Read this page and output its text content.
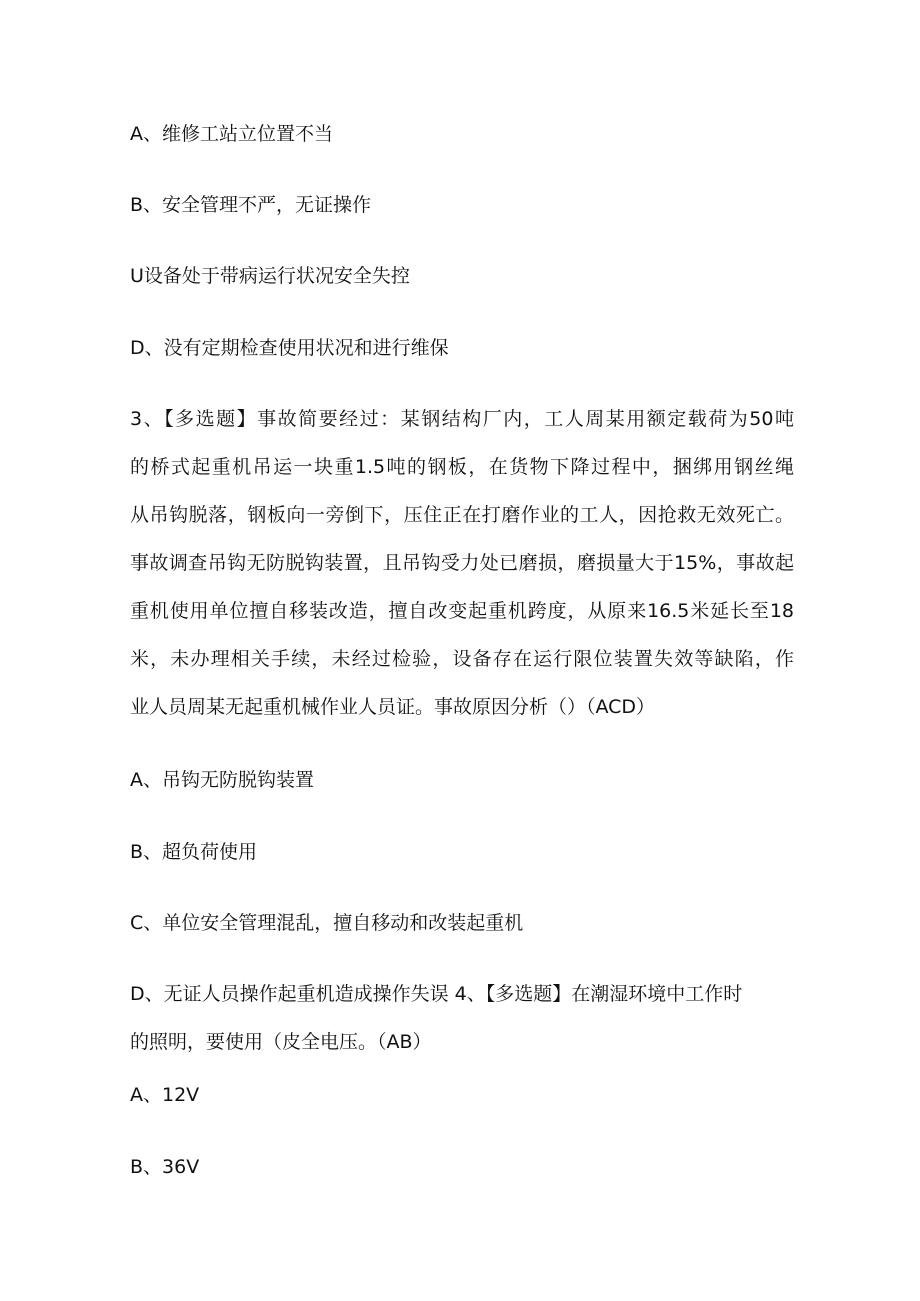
A、维修工站立位置不当
B、安全管理不严，无证操作
U设备处于带病运行状况安全失控
D、没有定期检查使用状况和进行维保
3、【多选题】事故简要经过：某钢结构厂内，工人周某用额定载荷为50吨
的桥式起重机吊运一块重1.5吨的钢板，在货物下降过程中，捆绑用钢丝绳
从吊钩脱落，钢板向一旁倒下，压住正在打磨作业的工人，因抢救无效死亡。
事故调查吊钩无防脱钩装置，且吊钩受力处已磨损，磨损量大于15%，事故起
重机使用单位擅自移装改造，擅自改变起重机跨度，从原来16.5米延长至18
米，未办理相关手续，未经过检验，设备存在运行限位装置失效等缺陷，作
业人员周某无起重机械作业人员证。事故原因分析（）（ACD）
A、吊钩无防脱钩装置
B、超负荷使用
C、单位安全管理混乱，擅自移动和改装起重机
D、无证人员操作起重机造成操作失误 4、【多选题】在潮湿环境中工作时
的照明，要使用（皮全电压。（AB）
A、12V
B、36V
